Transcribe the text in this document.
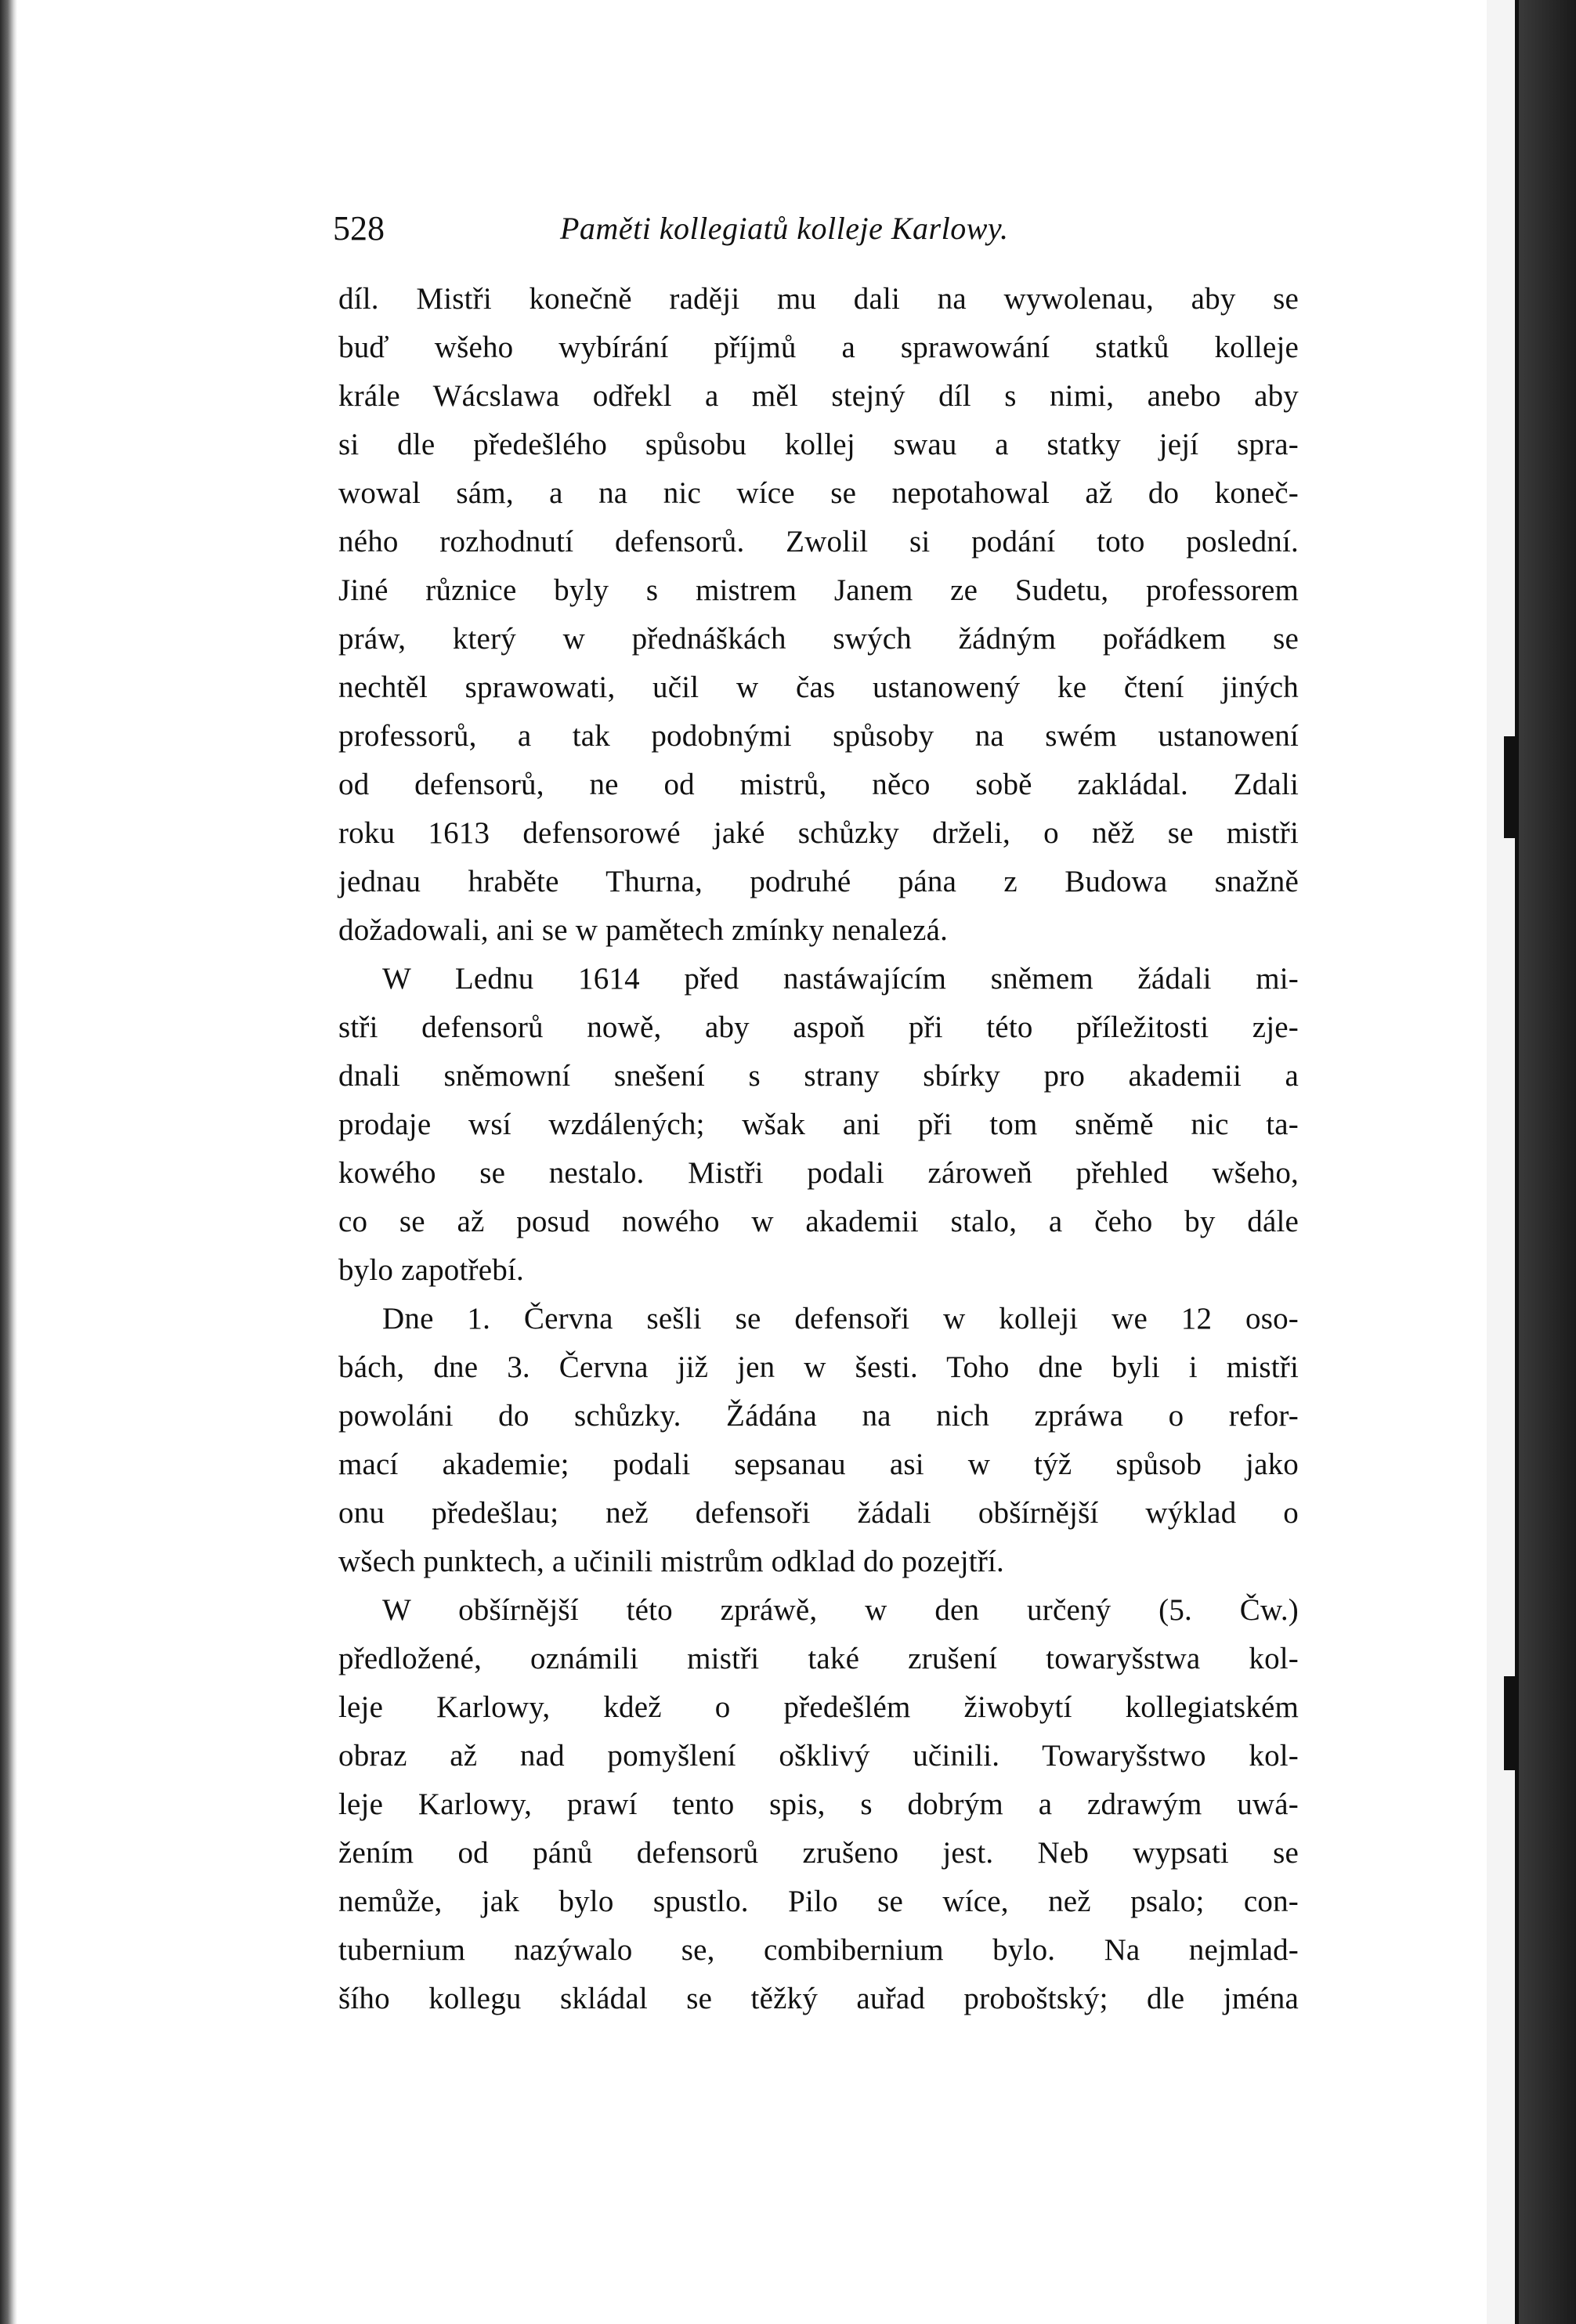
528	Paměti kollegiatů kolleje Karlowy.
díl. Mistři konečně raději mu dali na wywolenau, aby se
buď wšeho wybírání příjmů a sprawowání statků kolleje
krále Wácslawa odřekl a měl stejný díl s nimi, anebo aby
si dle předešlého spůsobu kollej swau a statky její spra-
wowal sám, a na nic wíce se nepotahowal až do koneč-
ného rozhodnutí defensorů. Zwolil si podání toto poslední.
Jiné různice byly s mistrem Janem ze Sudetu, professorem
práw, který w přednáškách swých žádným pořádkem se
nechtěl sprawowati, učil w čas ustanowený ke čtení jiných
professorů, a tak podobnými spůsoby na swém ustanowení
od defensorů, ne od mistrů, něco sobě zakládal. Zdali
roku 1613 defensorowé jaké schůzky drželi, o něž se mistři
jednau hraběte Thurna, podruhé pána z Budowa snažně
dožadowali, ani se w pamětech zmínky nenalezá.
W Lednu 1614 před nastáwajícím sněmem žádali mi-
stři defensorů nowě, aby aspoň při této příležitosti zje-
dnali sněmowní snešení s strany sbírky pro akademii a
prodaje wsí wzdálených; wšak ani při tom sněmě nic ta-
kowého se nestalo. Mistři podali zároweň přehled wšeho,
co se až posud nowého w akademii stalo, a čeho by dále
bylo zapotřebí.
Dne 1. Června sešli se defensoři w kolleji we 12 oso-
bách, dne 3. Června již jen w šesti. Toho dne byli i mistři
powoláni do schůzky. Žádána na nich zpráwa o refor-
mací akademie; podali sepsanau asi w týž spůsob jako
onu předešlau; než defensoři žádali obšírnější wýklad o
wšech punktech, a učinili mistrům odklad do pozejtří.
W obšírnější této zpráwě, w den určený (5. Čw.)
předložené, oznámili mistři také zrušení towaryšstwa kol-
leje Karlowy, kdež o předešlém žiwobytí kollegiatském
obraz až nad pomyšlení ošklivý učinili. Towaryšstwo kol-
leje Karlowy, prawí tento spis, s dobrým a zdrawým uwá-
žením od pánů defensorů zrušeno jest. Neb wypsati se
nemůže, jak bylo spustlo. Pilo se wíce, než psalo; con-
tubernium nazýwalo se, combibernium bylo. Na nejmlad-
šího kollegu skládal se těžký auřad proboštský; dle jména
